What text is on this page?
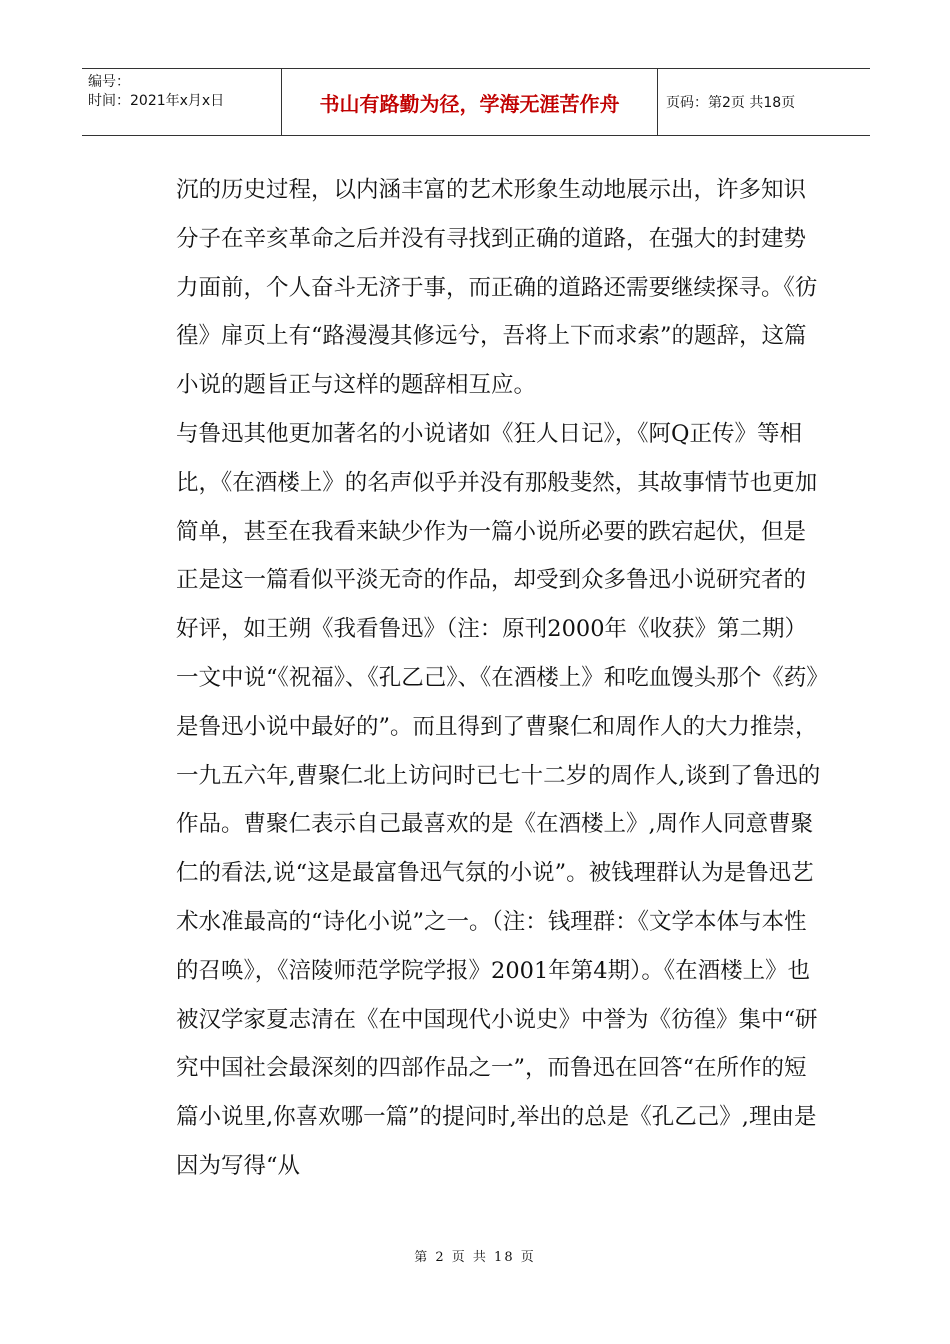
编号：
时间：2021年x月x日	书山有路勤为径，学海无涯苦作舟	页码：第2页 共18页

沉的历史过程，以内涵丰富的艺术形象生动地展示出，许多知识分子在辛亥革命之后并没有寻找到正确的道路，在强大的封建势力面前，个人奋斗无济于事，而正确的道路还需要继续探寻。《彷徨》扉页上有“路漫漫其修远兮，吾将上下而求索”的题辞，这篇小说的题旨正与这样的题辞相互应。

与鲁迅其他更加著名的小说诸如《狂人日记》，《阿Q正传》等相比，《在酒楼上》的名声似乎并没有那般斐然，其故事情节也更加简单，甚至在我看来缺少作为一篇小说所必要的跌宕起伏，但是正是这一篇看似平淡无奇的作品，却受到众多鲁迅小说研究者的好评，如王朔《我看鲁迅》（注：原刊2000年《收获》第二期）一文中说“《祝福》、《孔乙己》、《在酒楼上》和吃血馒头那个《药》是鲁迅小说中最好的”。而且得到了曹聚仁和周作人的大力推崇，一九五六年,曹聚仁北上访问时已七十二岁的周作人,谈到了鲁迅的作品。曹聚仁表示自己最喜欢的是《在酒楼上》,周作人同意曹聚仁的看法,说“这是最富鲁迅气氛的小说”。被钱理群认为是鲁迅艺术水准最高的“诗化小说”之一。（注：钱理群：《文学本体与本性的召唤》，《涪陵师范学院学报》2001年第4期）。《在酒楼上》也被汉学家夏志清在《在中国现代小说史》中誉为《彷徨》集中“研究中国社会最深刻的四部作品之一”，而鲁迅在回答“在所作的短篇小说里,你喜欢哪一篇”的提问时,举出的总是《孔乙己》,理由是因为写得“从

第 2 页 共 18 页
